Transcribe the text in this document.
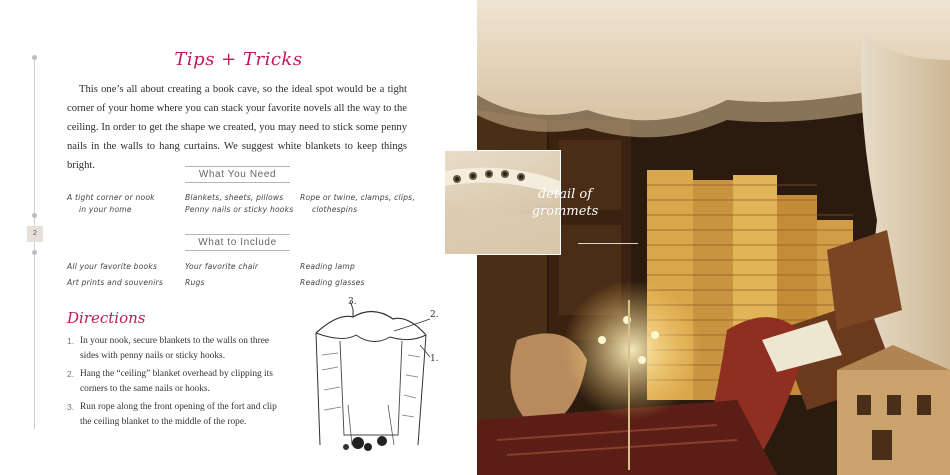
2
Tips + Tricks
This one’s all about creating a book cave, so the ideal spot would be a tight corner of your home where you can stack your favorite novels all the way to the ceiling. In order to get the shape we created, you may need to stick some penny nails in the walls to hang curtains. We suggest white blankets to keep things bright.
What You Need
A tight corner or nook
in your home
Blankets, sheets, pillows
Penny nails or sticky hooks
Rope or twine, clamps, clips,
clothespins
What to Include
All your favorite books
Art prints and souvenirs
Your favorite chair
Rugs
Reading lamp
Reading glasses
Directions
1. In your nook, secure blankets to the walls on three sides with penny nails or sticky hooks.
2. Hang the “ceiling” blanket overhead by clipping its corners to the same nails or hooks.
3. Run rope along the front opening of the fort and clip the ceiling blanket to the middle of the rope.
3.
2.
1.
detail of
grommets
